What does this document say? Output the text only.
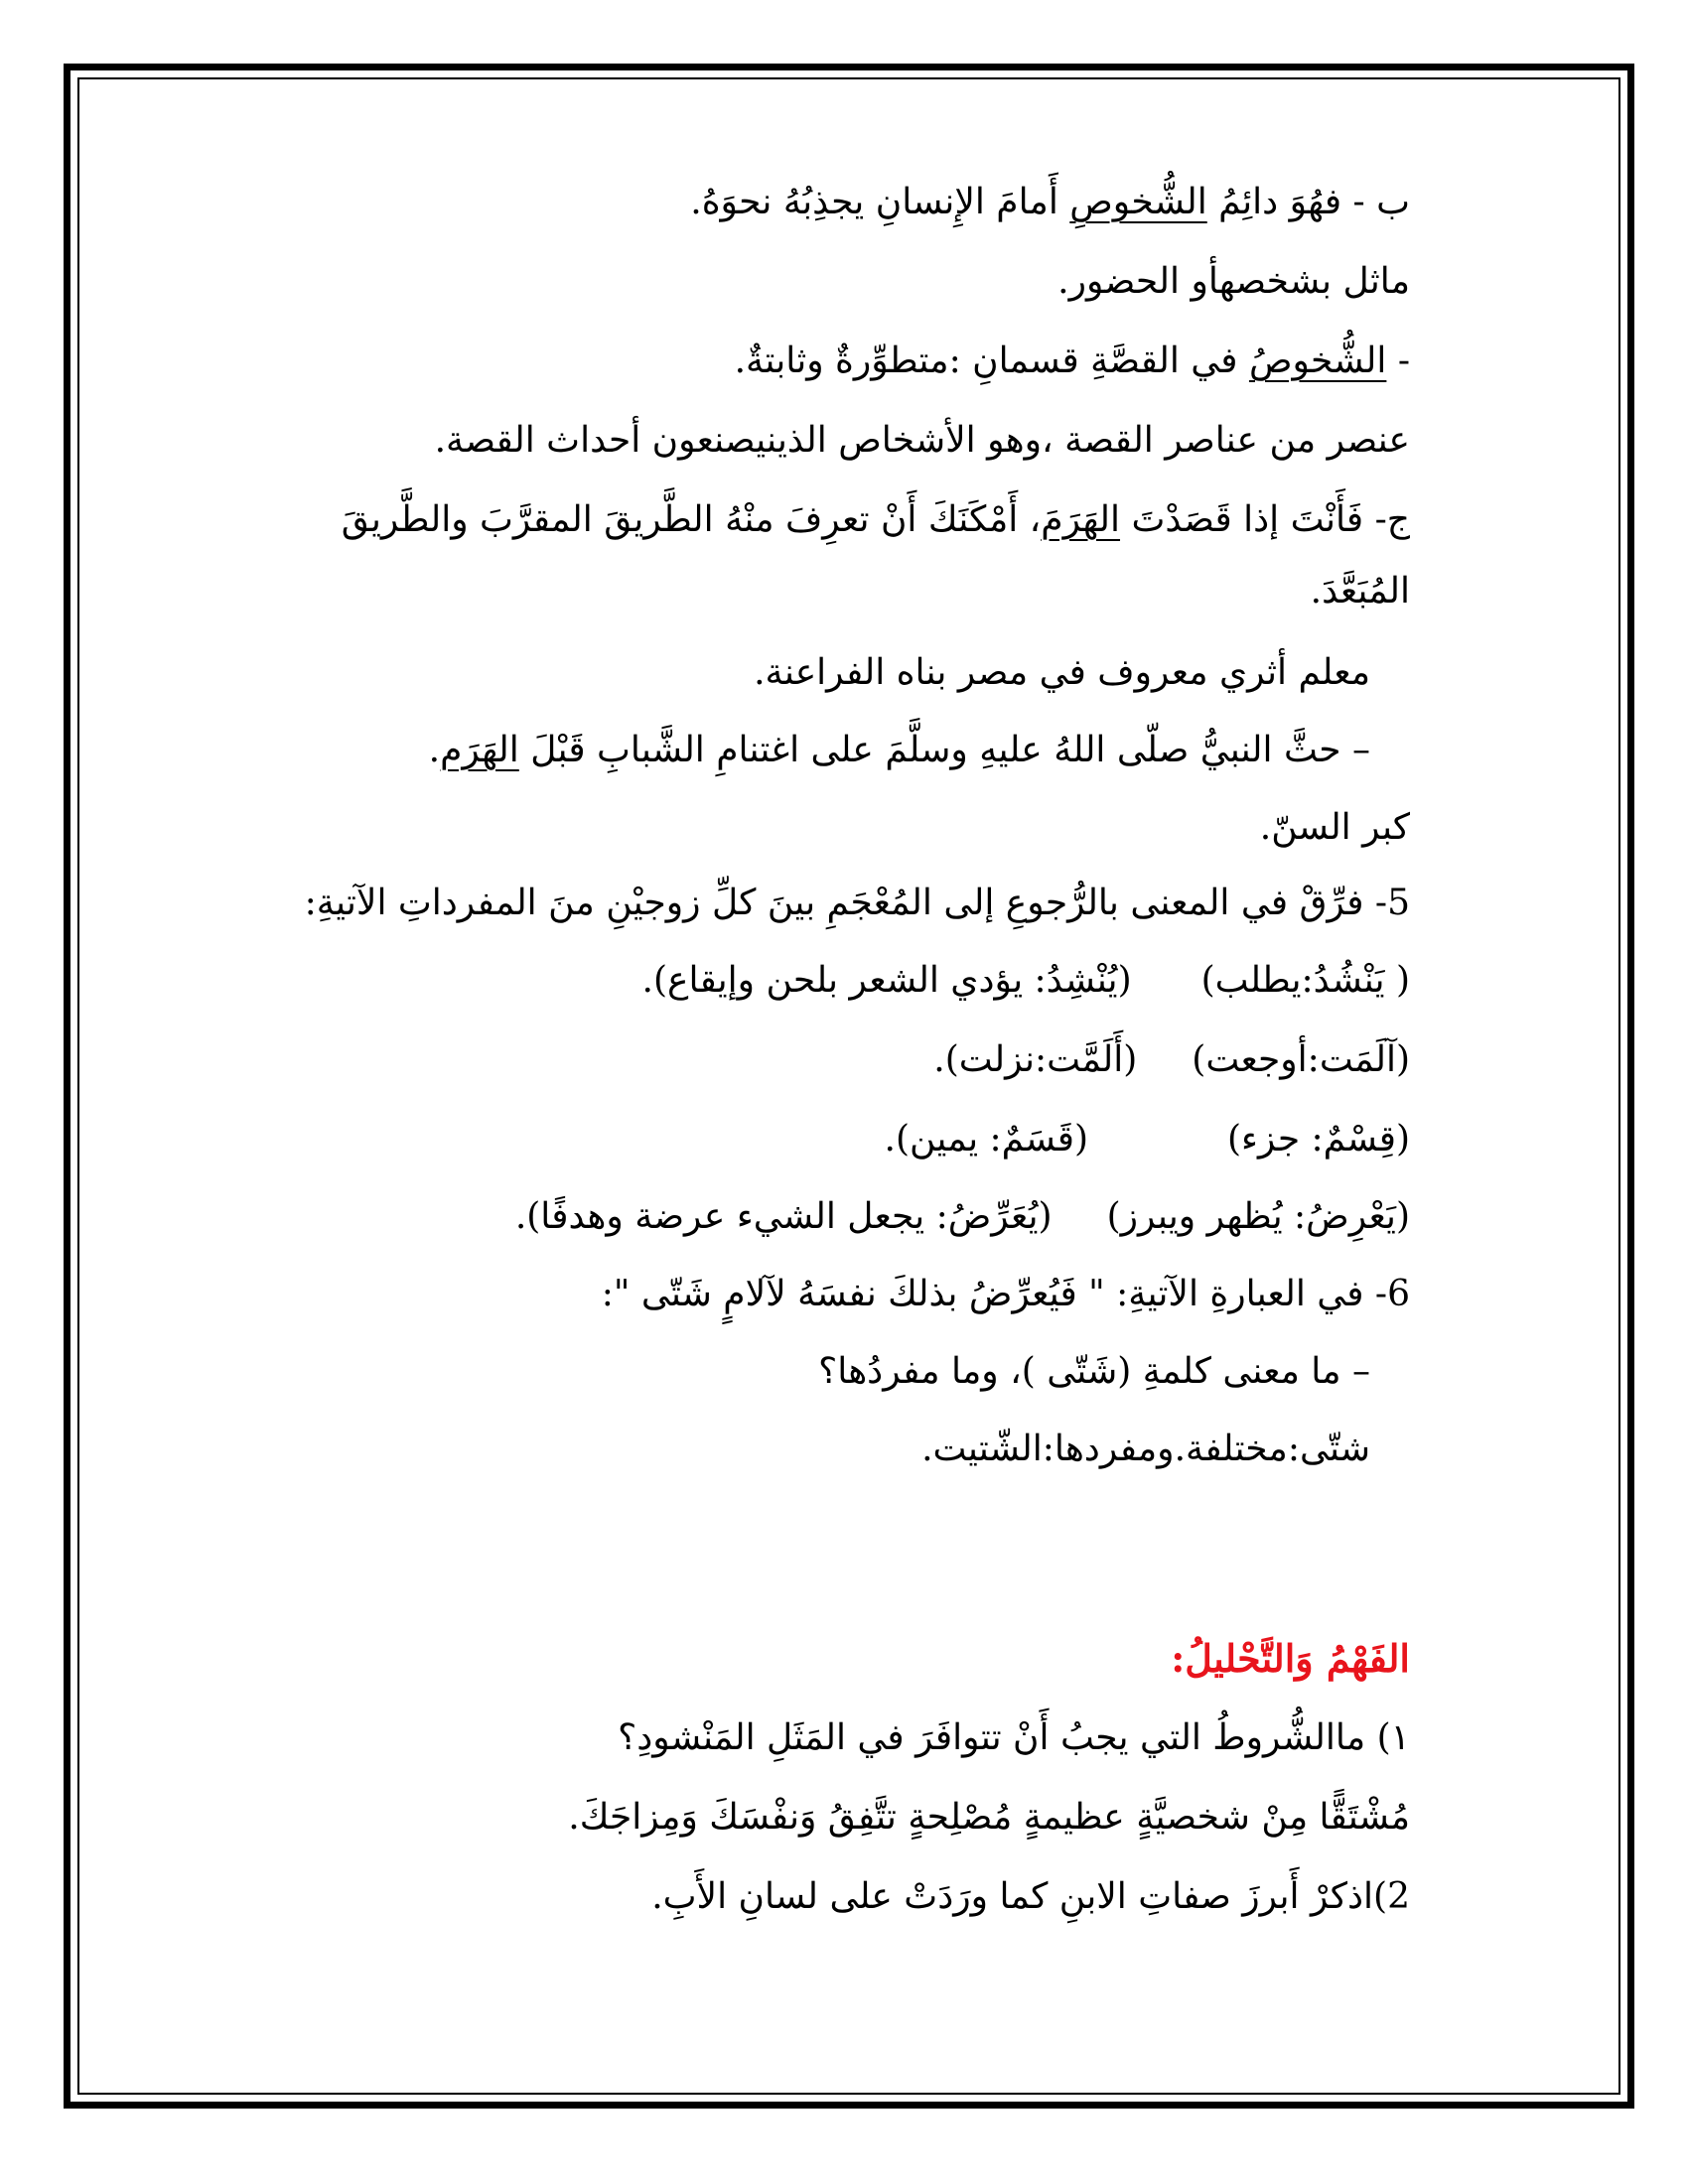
ب - فهُوَ دائِمُ الشُّخوصِ أَمامَ الإِنسانِ يجذِبُهُ نحوَهُ.

ماثل بشخصهأو الحضور.

- الشُّخوصُ في القصَّةِ قسمانِ :متطوِّرةٌ وثابتةٌ.

عنصر من عناصر القصة ،وهو الأشخاص الذينيصنعون أحداث القصة.

ج- فَأَنْتَ إذا قَصَدْتَ الهَرَمَ، أَمْكَنَكَ أَنْ تعرِفَ منْهُ الطَّريقَ المقرَّبَ والطَّريقَ

المُبَعَّدَ.

معلم أثري معروف في مصر بناه الفراعنة.

– حثَّ النبيُّ صلّى اللهُ عليهِ وسلَّمَ على اغتنامِ الشَّبابِ قَبْلَ الهَرَم.

كبر السنّ.

5- فرِّقْ في المعنى بالرُّجوعِ إلى المُعْجَمِ بينَ كلِّ زوجيْنِ منَ المفرداتِ الآتيةِ:

( يَنْشُدُ:يطلب)
(يُنْشِدُ: يؤدي الشعر بلحن وإيقاع).
(آلَمَت:أوجعت)
(أَلَمَّت:نزلت).
(قِسْمٌ: جزء)
(قَسَمٌ: يمين).
(يَعْرِضُ: يُظهر ويبرز)
(يُعَرِّضُ: يجعل الشيء عرضة وهدفًا).

6- في العبارةِ الآتيةِ: " فَيُعرِّضُ بذلكَ نفسَهُ لآلامٍ شَتّى ":

– ما معنى كلمةِ (شَتّى )، وما مفردُها؟

شتّى:مختلفة.ومفردها:الشّتيت.

الفَهْمُ وَالتَّحْليلُ:

١) ماالشُّروطُ التي يجبُ أَنْ تتوافَرَ في المَثَلِ المَنْشودِ؟

مُشْتَقًّا مِنْ شخصيَّةٍ عظيمةٍ مُصْلِحةٍ تتَّفِقُ وَنفْسَكَ وَمِزاجَكَ.

2)اذكرْ أَبرزَ صفاتِ الابنِ كما ورَدَتْ على لسانِ الأَبِ.
